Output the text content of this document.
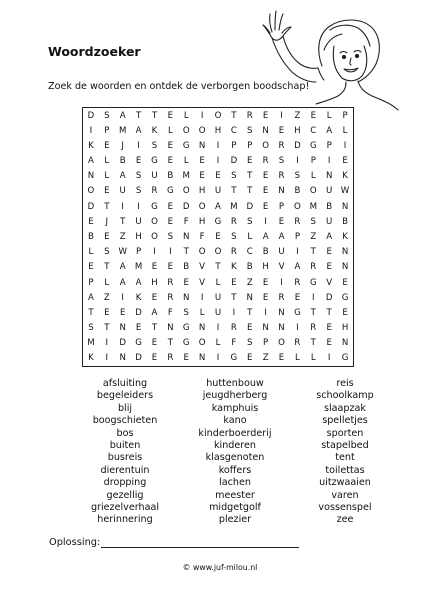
Woordzoeker
Zoek de woorden en ontdek de verborgen boodschap!
D	S	A	T	T	E	L	I	O	T	R	E	I	Z	E	L	P
I	P	M	A	K	L	O	O	H	C	S	N	E	H	C	A	L
K	E	J	I	S	E	G	N	I	P	P	O	R	D	G	P	I
A	L	B	E	G	E	L	E	I	D	E	R	S	I	P	I	E
N	L	A	S	U	B	M	E	E	S	T	E	R	S	L	N	K
O	E	U	S	R	G	O	H	U	T	T	E	N	B	O	U W
D	T	I	I	G	E	D	O	A	M	D	E	P	O	M	B	N
E	J	T	U	O	E	F	H	G	R	S	I	E	R	S	U	B
B	E	Z	H	O	S	N	F	E	S	L	A	A	P	Z	A	K
L	S	W	P	I	I	T	O	O	R	C	B	U	I	T	E	N
E	T	A	M	E	E	B	V	T	K	B	H	V	A	R	E	N
P	L	A	A	H	R	E	V	L	E	Z	E	I	R	G	V	E
A	Z	I	K	E	R	N	I	U	T	N	E	R	E	I	D	G
T	E	E	D	A	F	S	L	U	I	T	I	N	G	T	T	E
S	T	N	E	T	N	G	N	I	R	E	N	N	I	R	E	H
M	I	D	G	E	T	G	O	L	F	S	P	O	R	T	E	N
K	I	N	D	E	R	E	N	I	G	E	Z	E	L	L	I	G
afsluiting
begeleiders
blij
boogschieten
bos
buiten
busreis
dierentuin
dropping
gezellig
griezelverhaal
herinnering
huttenbouw
jeugdherberg
kamphuis
kano
kinderboerderij
kinderen
klasgenoten
koffers
lachen
meester
midgetgolf
plezier
reis
schoolkamp
slaapzak
spelletjes
sporten
stapelbed
tent
toilettas
uitzwaaien
varen
vossenspel
zee
Oplossing:
© www.juf-milou.nl
